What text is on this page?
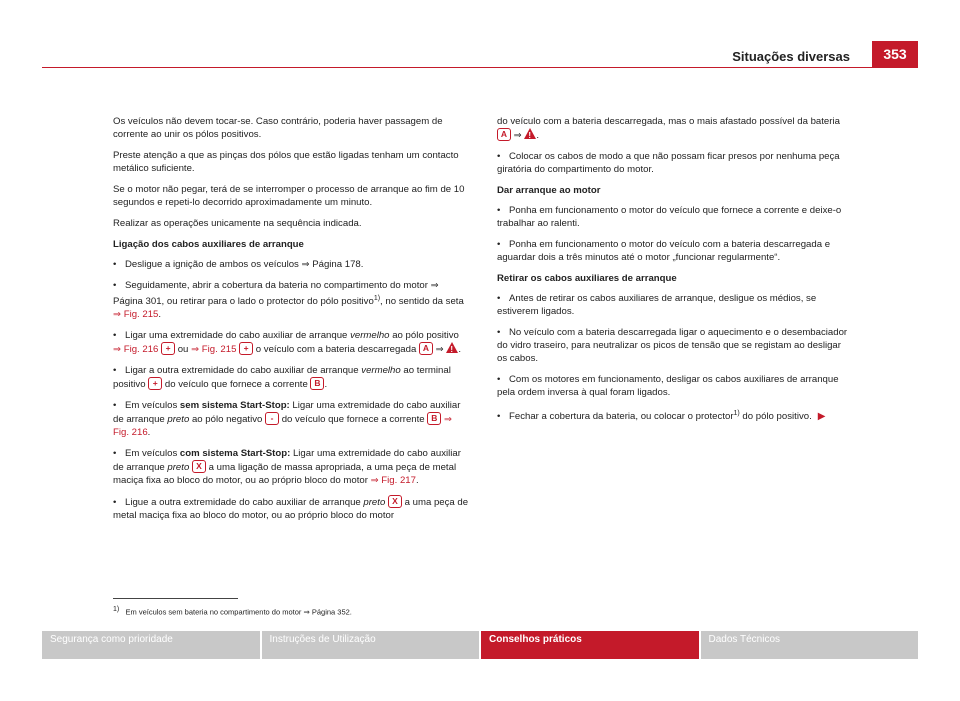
Situações diversas	353

Os veículos não devem tocar-se. Caso contrário, poderia haver passagem de corrente ao unir os pólos positivos.

Preste atenção a que as pinças dos pólos que estão ligadas tenham um contacto metálico suficiente.

Se o motor não pegar, terá de se interromper o processo de arranque ao fim de 10 segundos e repeti-lo decorrido aproximadamente um minuto.

Realizar as operações unicamente na sequência indicada.

Ligação dos cabos auxiliares de arranque
• Desligue a ignição de ambos os veículos ⇒ Página 178.
• Seguidamente, abrir a cobertura da bateria no compartimento do motor ⇒ Página 301, ou retirar para o lado o protector do pólo positivo$^{1)}$, no sentido da seta ⇒ Fig. 215.
• Ligar uma extremidade do cabo auxiliar de arranque vermelho ao pólo positivo ⇒ Fig. 216 + ou ⇒ Fig. 215 + o veículo com a bateria descarregada A ⇒ !.
• Ligar a outra extremidade do cabo auxiliar de arranque vermelho ao terminal positivo + do veículo que fornece a corrente B .
• Em veículos sem sistema Start-Stop: Ligar uma extremidade do cabo auxiliar de arranque preto ao pólo negativo - do veículo que fornece a corrente B ⇒ Fig. 216.
• Em veículos com sistema Start-Stop: Ligar uma extremidade do cabo auxiliar de arranque preto X a uma ligação de massa apropriada, a uma peça de metal maciça fixa ao bloco do motor, ou ao próprio bloco do motor ⇒ Fig. 217.
• Ligue a outra extremidade do cabo auxiliar de arranque preto X a uma peça de metal maciça fixa ao bloco do motor, ou ao próprio bloco do motor

do veículo com a bateria descarregada, mas o mais afastado possível da bateria A ⇒ !.

• Colocar os cabos de modo a que não possam ficar presos por nenhuma peça giratória do compartimento do motor.
Dar arranque ao motor
• Ponha em funcionamento o motor do veículo que fornece a corrente e deixe-o trabalhar ao ralenti.
• Ponha em funcionamento o motor do veículo com a bateria descarregada e aguardar dois a três minutos até o motor „funcionar regularmente“.
Retirar os cabos auxiliares de arranque
• Antes de retirar os cabos auxiliares de arranque, desligue os médios, se estiverem ligados.
• No veículo com a bateria descarregada ligar o aquecimento e o desembaciador do vidro traseiro, para neutralizar os picos de tensão que se registam ao desligar os cabos.
• Com os motores em funcionamento, desligar os cabos auxiliares de arranque pela ordem inversa à qual foram ligados.
• Fechar a cobertura da bateria, ou colocar o protector$^{1)}$ do pólo positivo. ▶
$^{1)}$ Em veículos sem bateria no compartimento do motor ⇒ Página 352.
Segurança como prioridade	Instruções de Utilização	Conselhos práticos	Dados Técnicos
